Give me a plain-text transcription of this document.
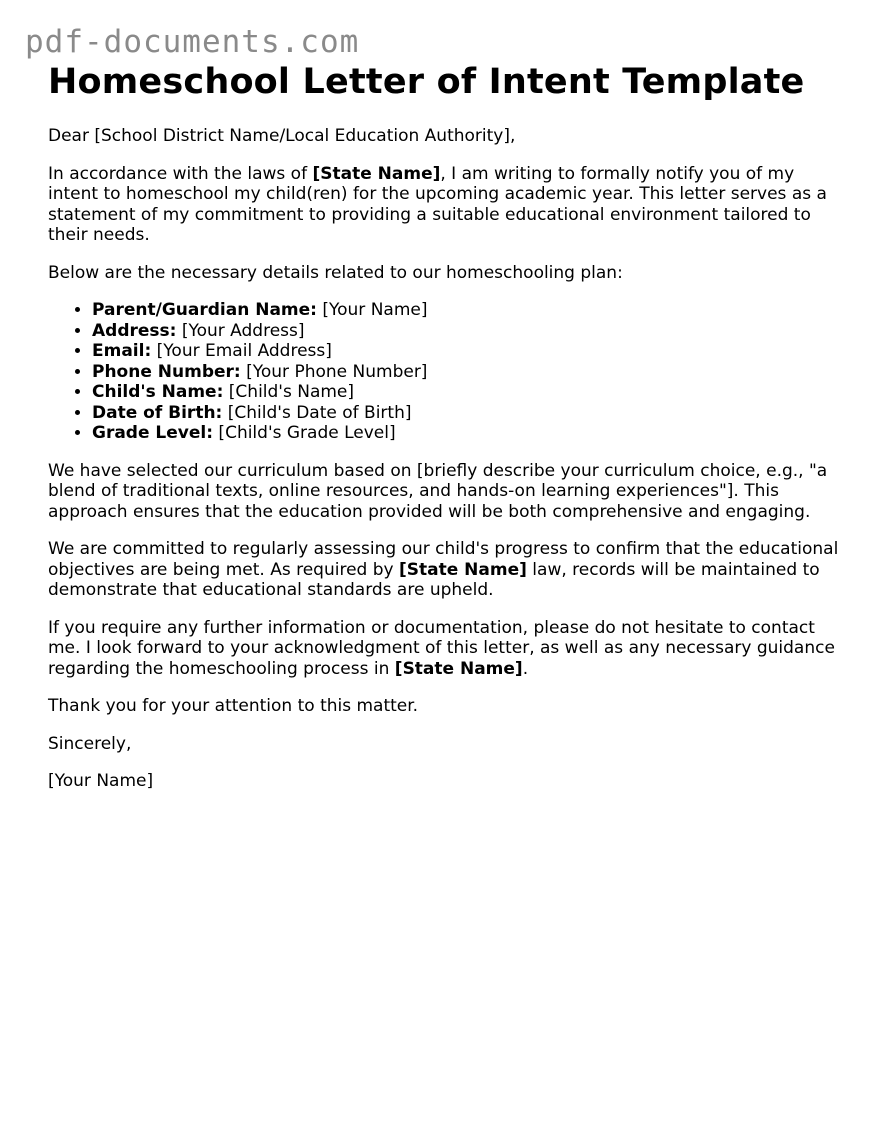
pdf-documents.com
Homeschool Letter of Intent Template

Dear [School District Name/Local Education Authority],

In accordance with the laws of [State Name], I am writing to formally notify you of my intent to homeschool my child(ren) for the upcoming academic year. This letter serves as a statement of my commitment to providing a suitable educational environment tailored to their needs.

Below are the necessary details related to our homeschooling plan:

• Parent/Guardian Name: [Your Name]
• Address: [Your Address]
• Email: [Your Email Address]
• Phone Number: [Your Phone Number]
• Child's Name: [Child's Name]
• Date of Birth: [Child's Date of Birth]
• Grade Level: [Child's Grade Level]

We have selected our curriculum based on [briefly describe your curriculum choice, e.g., "a blend of traditional texts, online resources, and hands-on learning experiences"]. This approach ensures that the education provided will be both comprehensive and engaging.

We are committed to regularly assessing our child's progress to confirm that the educational objectives are being met. As required by [State Name] law, records will be maintained to demonstrate that educational standards are upheld.

If you require any further information or documentation, please do not hesitate to contact me. I look forward to your acknowledgment of this letter, as well as any necessary guidance regarding the homeschooling process in [State Name].

Thank you for your attention to this matter.

Sincerely,

[Your Name]
